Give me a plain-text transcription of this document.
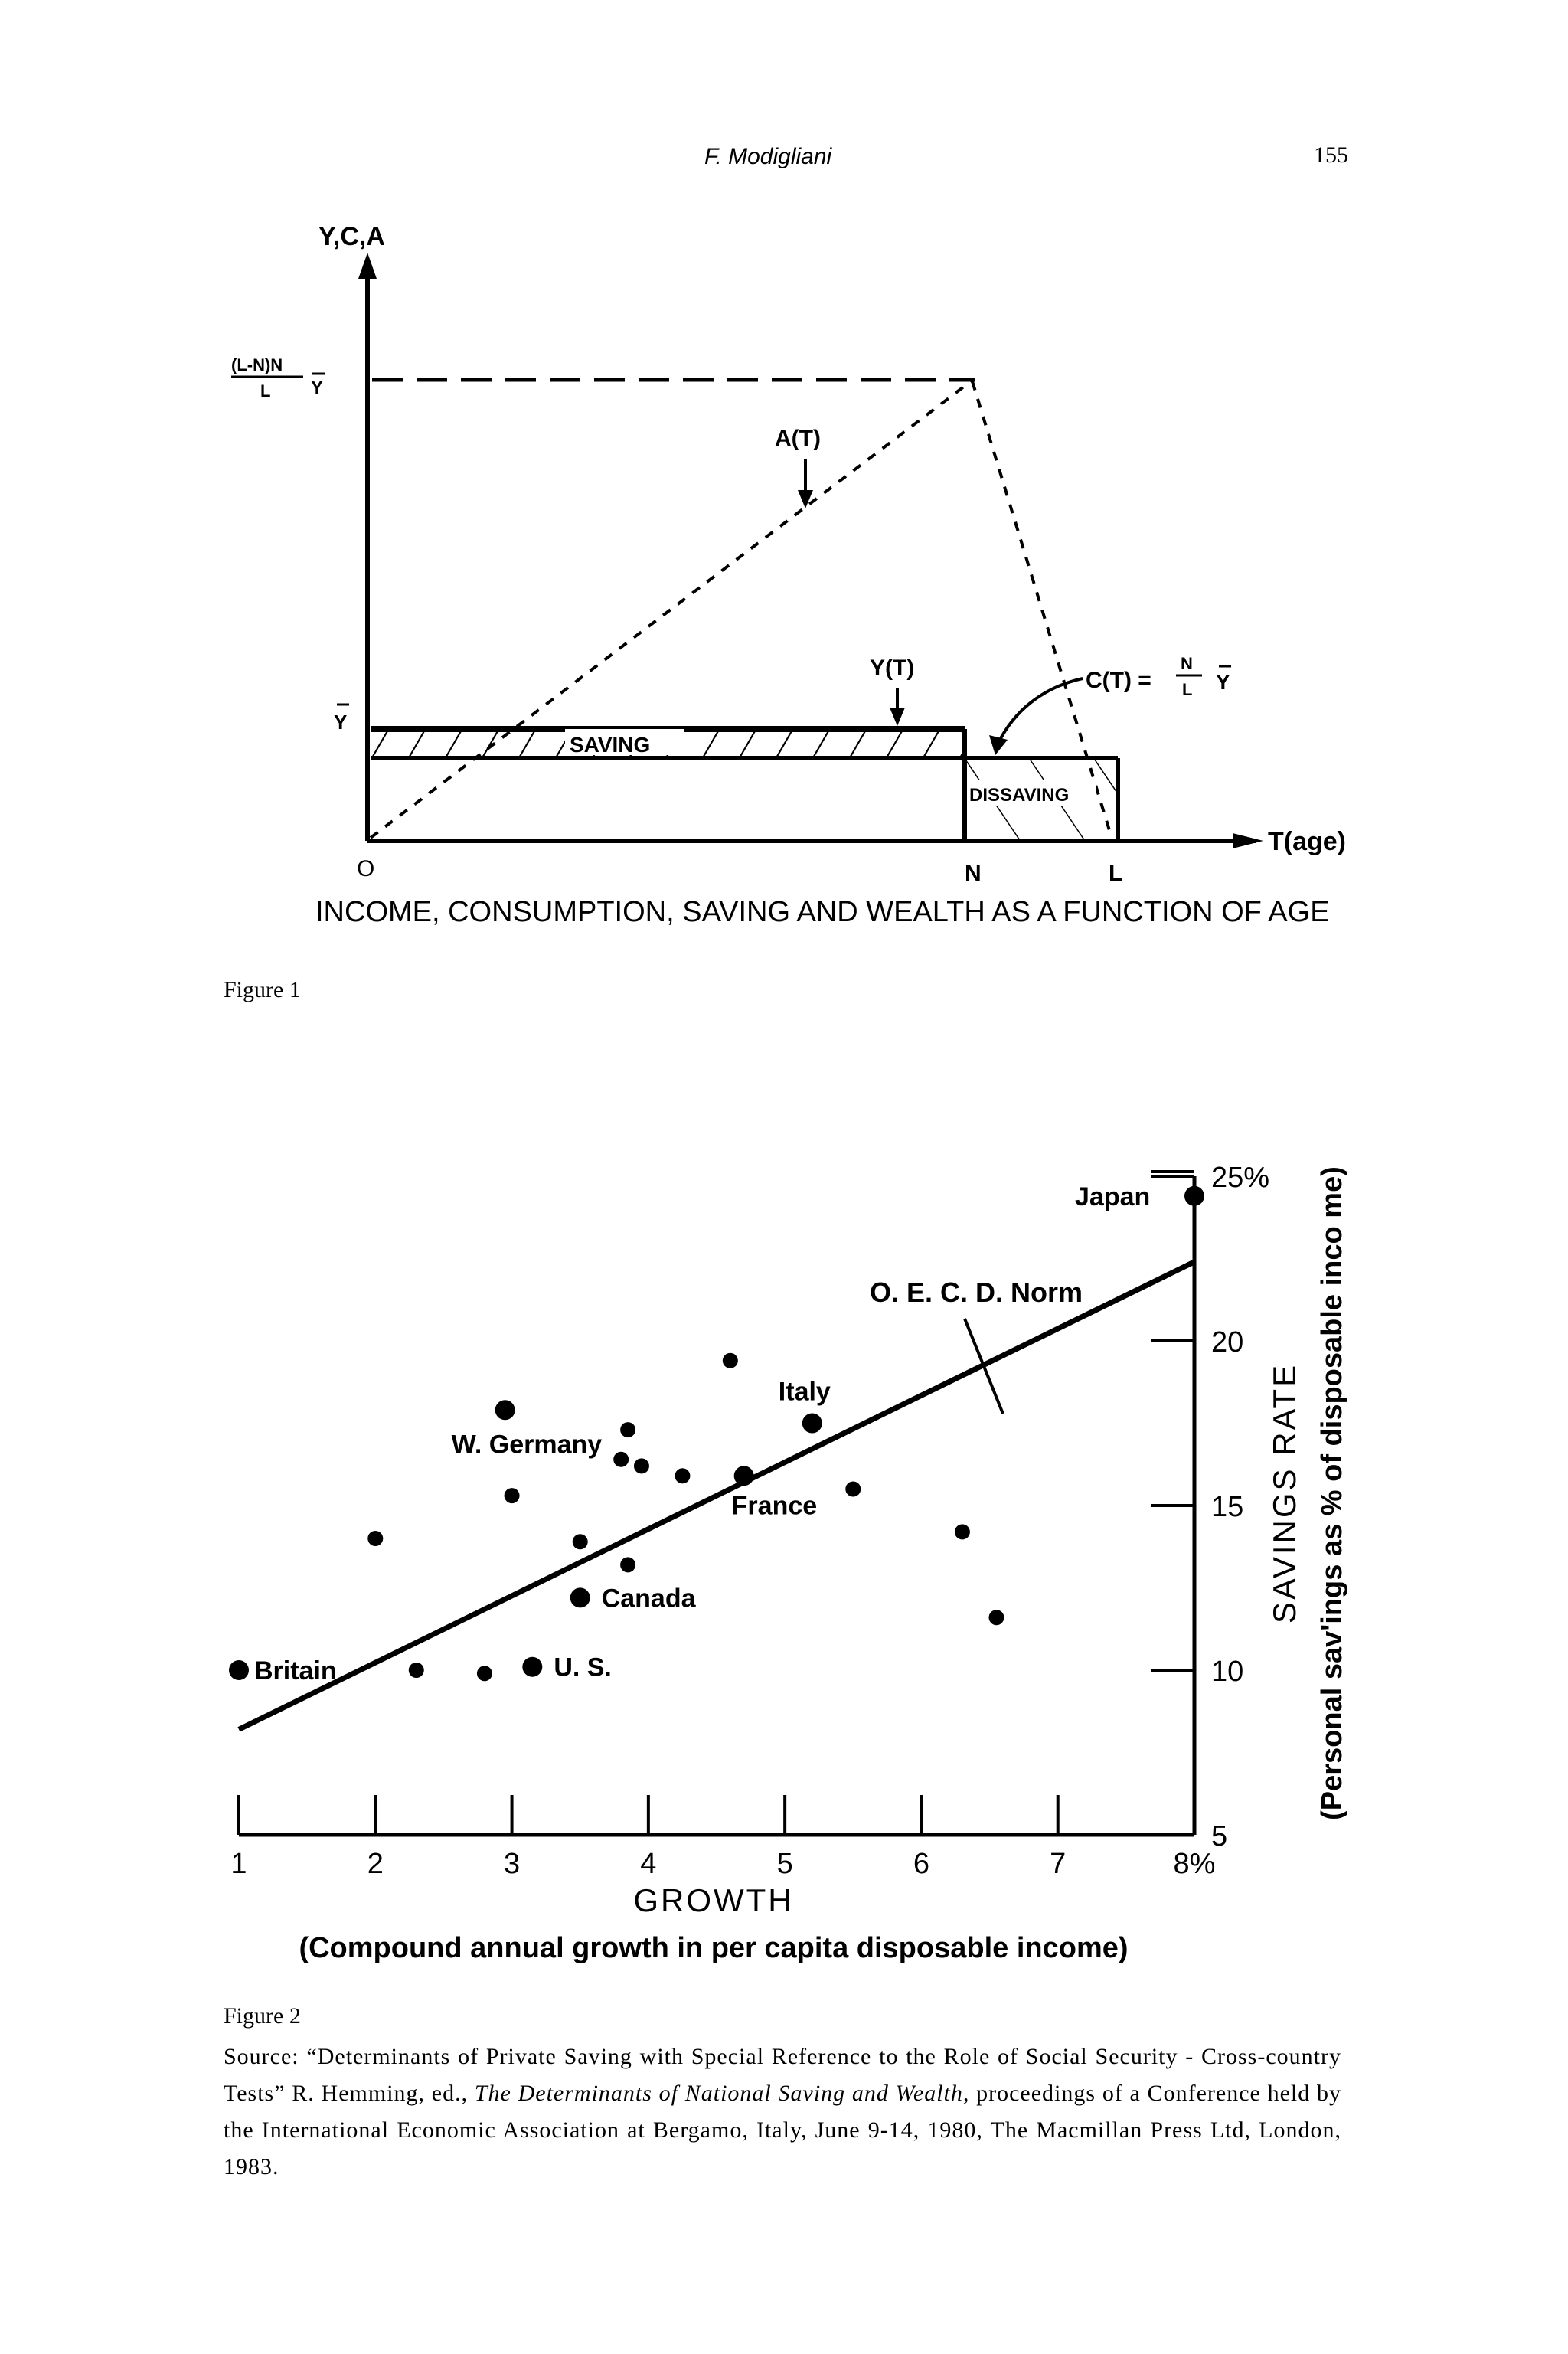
F. Modigliani	155
Y,C,A
(L-N)N
L Y
Y
O	N	L
T(age)
SAVING
DISSAVING
A(T)
Y(T)	C(T) =
N
L Y
INCOME, CONSUMPTION, SAVING AND WEALTH AS A FUNCTION OF AGE
Figure 1
1	2	3	4	5	6	7	8%
5
10
15
20
25%
O. E. C. D. Norm
Britain
W. Germany
U. S.
Canada
France
Italy
Japan
GROWTH
(Compound annual growth in per capita disposable income)
SAVINGS RATE (Personal sav'ings as % of disposable inco me)
Figure 2
Source: “Determinants of Private Saving with Special Reference to the Role of Social Security - Cross-country Tests” R. Hemming, ed., The Determinants of National Saving and Wealth, proceedings of a Conference held by the International Economic Association at Bergamo, Italy, June 9-14, 1980, The Macmillan Press Ltd, London, 1983.
